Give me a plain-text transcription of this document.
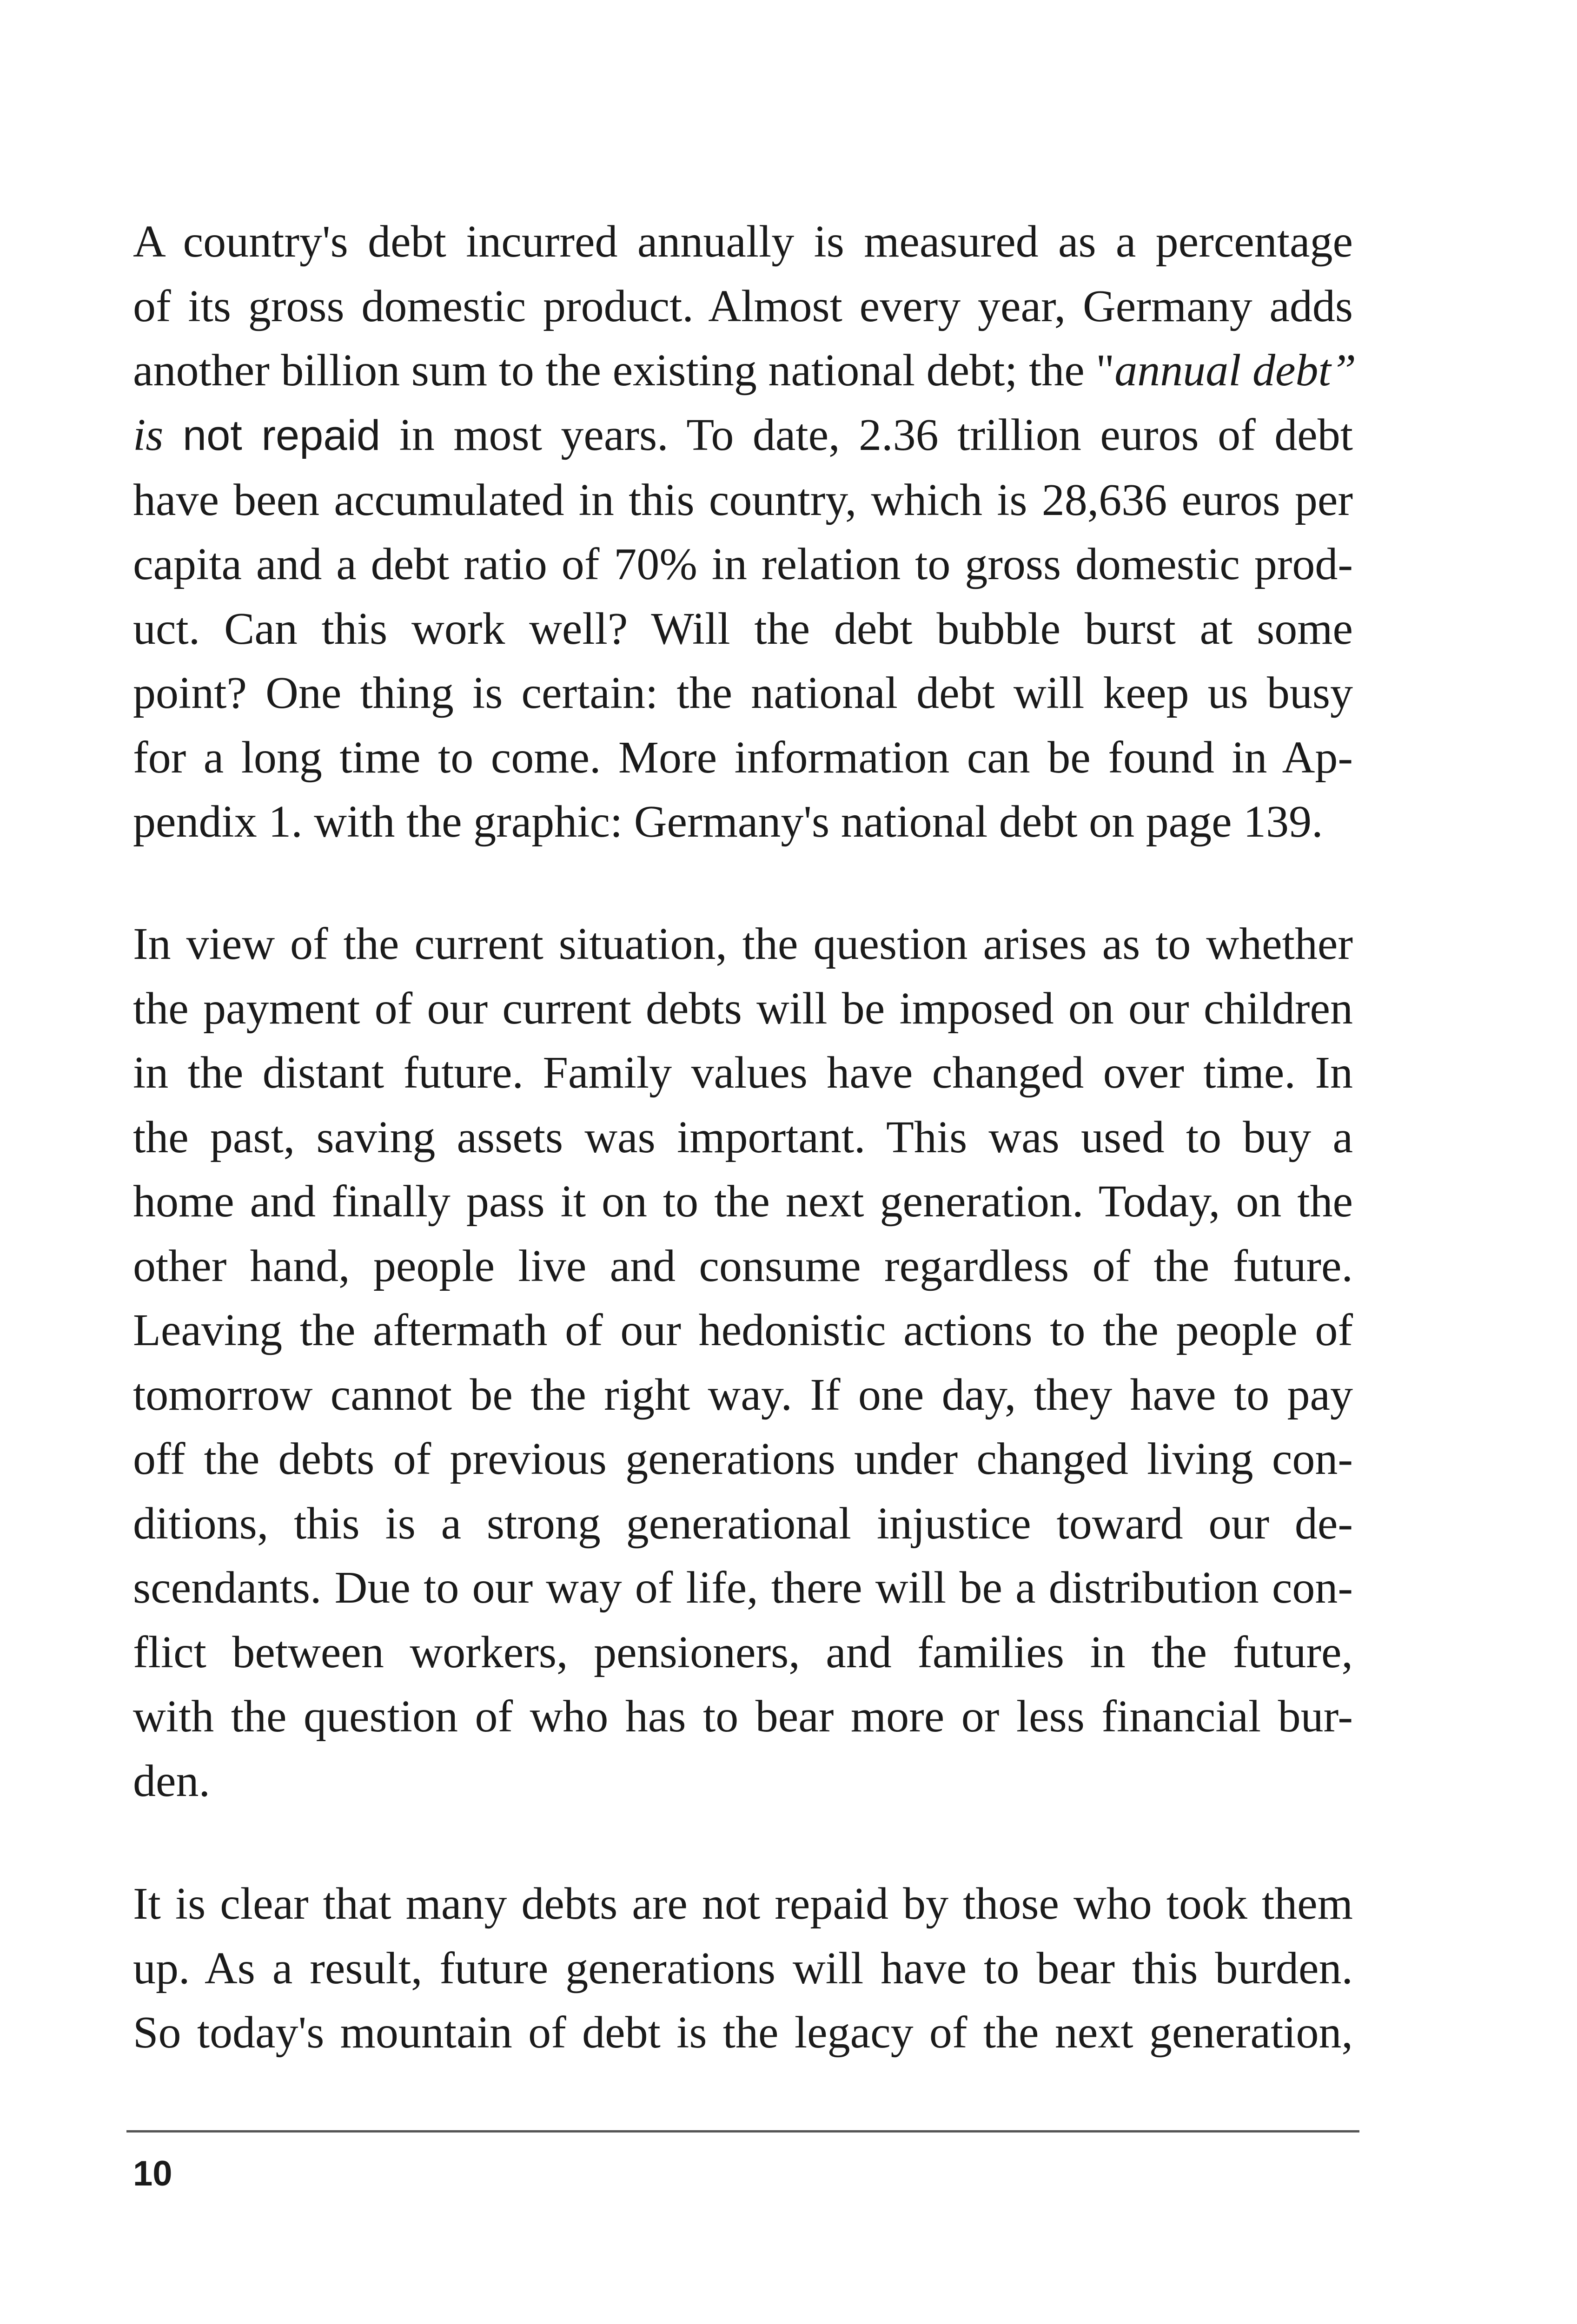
A country's debt incurred annually is measured as a percentage
of its gross domestic product. Almost every year, Germany adds
another billion sum to the existing national debt; the "annual debt”
is not repaid in most years. To date, 2.36 trillion euros of debt
have been accumulated in this country, which is 28,636 euros per
capita and a debt ratio of 70% in relation to gross domestic prod-
uct. Can this work well? Will the debt bubble burst at some
point? One thing is certain: the national debt will keep us busy
for a long time to come. More information can be found in Ap-
pendix 1. with the graphic: Germany's national debt on page 139.
In view of the current situation, the question arises as to whether
the payment of our current debts will be imposed on our children
in the distant future. Family values have changed over time. In
the past, saving assets was important. This was used to buy a
home and finally pass it on to the next generation. Today, on the
other hand, people live and consume regardless of the future.
Leaving the aftermath of our hedonistic actions to the people of
tomorrow cannot be the right way. If one day, they have to pay
off the debts of previous generations under changed living con-
ditions, this is a strong generational injustice toward our de-
scendants. Due to our way of life, there will be a distribution con-
flict between workers, pensioners, and families in the future,
with the question of who has to bear more or less financial bur-
den.
It is clear that many debts are not repaid by those who took them
up. As a result, future generations will have to bear this burden.
So today's mountain of debt is the legacy of the next generation,
10
